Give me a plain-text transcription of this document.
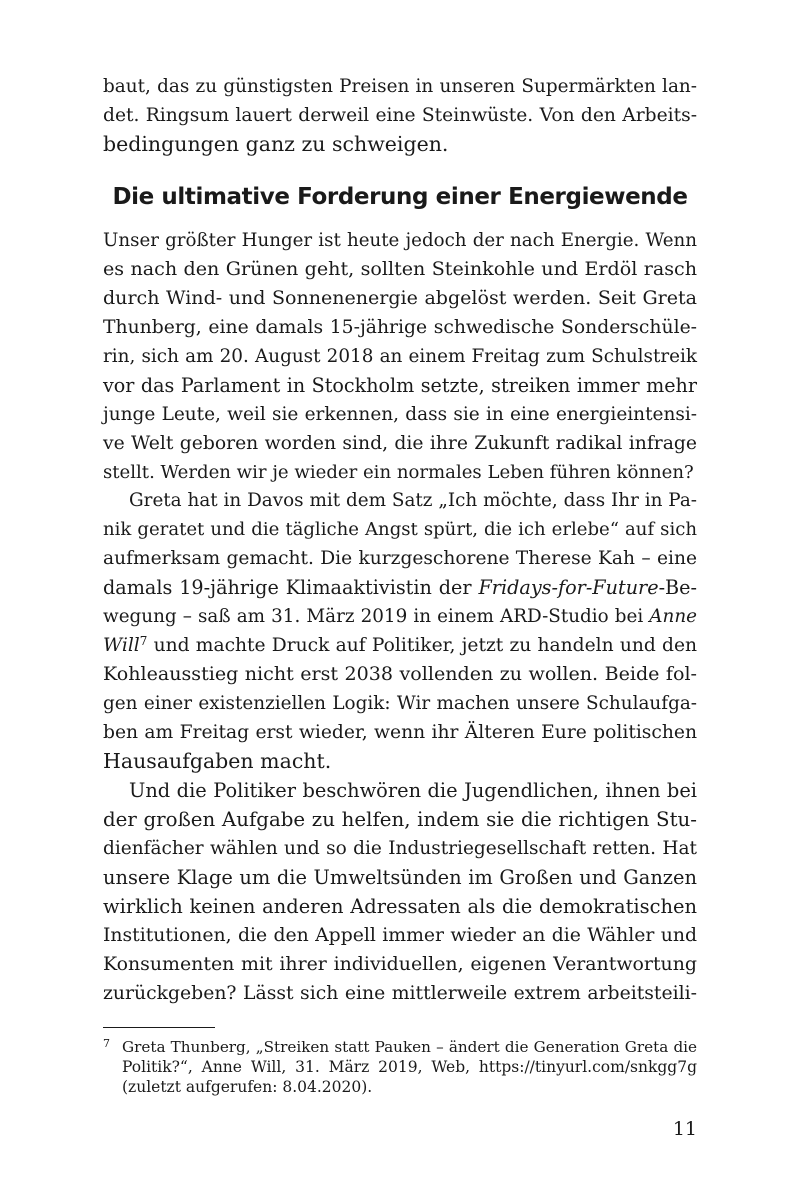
baut, das zu günstigsten Preisen in unseren Supermärkten lan-
det. Ringsum lauert derweil eine Steinwüste. Von den Arbeits-
bedingungen ganz zu schweigen.
Die ultimative Forderung einer Energiewende
Unser größter Hunger ist heute jedoch der nach Energie. Wenn
es nach den Grünen geht, sollten Steinkohle und Erdöl rasch
durch Wind- und Sonnenenergie abgelöst werden. Seit Greta
Thunberg, eine damals 15-jährige schwedische Sonderschüle-
rin, sich am 20. August 2018 an einem Freitag zum Schulstreik
vor das Parlament in Stockholm setzte, streiken immer mehr
junge Leute, weil sie erkennen, dass sie in eine energieintensi-
ve Welt geboren worden sind, die ihre Zukunft radikal infrage
stellt. Werden wir je wieder ein normales Leben führen können?
Greta hat in Davos mit dem Satz „Ich möchte, dass Ihr in Pa-
nik geratet und die tägliche Angst spürt, die ich erlebe“ auf sich
aufmerksam gemacht. Die kurzgeschorene Therese Kah – eine
damals 19-jährige Klimaaktivistin der Fridays-for-Future-Be-
wegung – saß am 31. März 2019 in einem ARD-Studio bei Anne
Will$^7$ und machte Druck auf Politiker, jetzt zu handeln und den
Kohleausstieg nicht erst 2038 vollenden zu wollen. Beide fol-
gen einer existenziellen Logik: Wir machen unsere Schulaufga-
ben am Freitag erst wieder, wenn ihr Älteren Eure politischen
Hausaufgaben macht.
Und die Politiker beschwören die Jugendlichen, ihnen bei
der großen Aufgabe zu helfen, indem sie die richtigen Stu-
dienfächer wählen und so die Industriegesellschaft retten. Hat
unsere Klage um die Umweltsünden im Großen und Ganzen
wirklich keinen anderen Adressaten als die demokratischen
Institutionen, die den Appell immer wieder an die Wähler und
Konsumenten mit ihrer individuellen, eigenen Verantwortung
zurückgeben? Lässt sich eine mittlerweile extrem arbeitsteili-
7 Greta Thunberg, „Streiken statt Pauken – ändert die Generation Greta die
Politik?“, Anne Will, 31. März 2019, Web, https://tinyurl.com/snkgg7g
(zuletzt aufgerufen: 8.04.2020).
11
